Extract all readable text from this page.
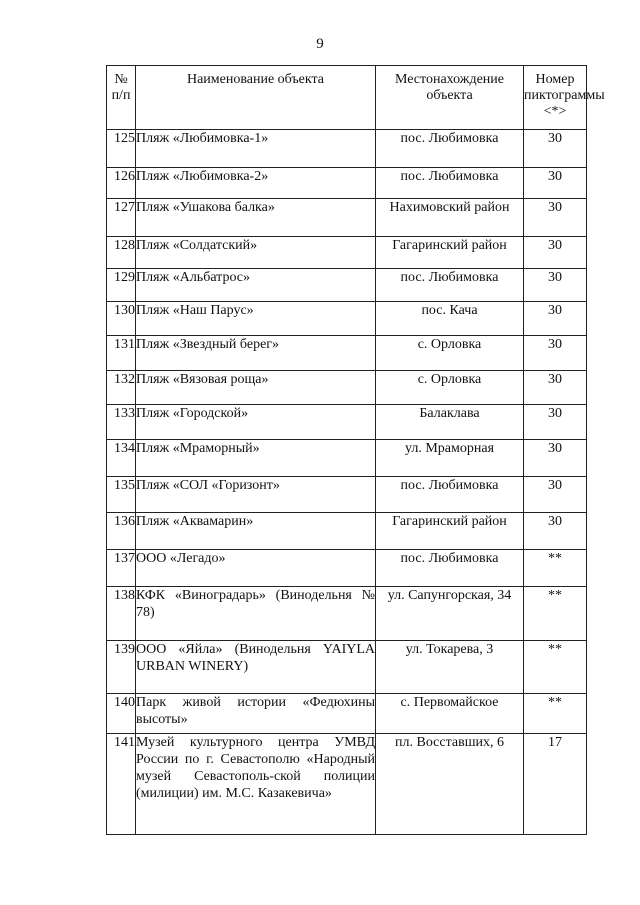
9
№ п/п	Наименование объекта	Местонахождение объекта	Номер пиктограммы <*>
125	Пляж «Любимовка-1»	пос. Любимовка	30
126	Пляж «Любимовка-2»	пос. Любимовка	30
127	Пляж «Ушакова балка»	Нахимовский район	30
128	Пляж «Солдатский»	Гагаринский район	30
129	Пляж «Альбатрос»	пос. Любимовка	30
130	Пляж «Наш Парус»	пос. Кача	30
131	Пляж «Звездный берег»	с. Орловка	30
132	Пляж «Вязовая роща»	с. Орловка	30
133	Пляж «Городской»	Балаклава	30
134	Пляж «Мраморный»	ул. Мраморная	30
135	Пляж «СОЛ «Горизонт»	пос. Любимовка	30
136	Пляж «Аквамарин»	Гагаринский район	30
137	ООО «Легадо»	пос. Любимовка	**
138	КФК «Виноградарь» (Винодельня № 78)	ул. Сапунгорская, 34	**
139	ООО «Яйла» (Винодельня YAIYLA URBAN WINERY)	ул. Токарева, 3	**
140	Парк живой истории «Федюхины высоты»	с. Первомайское	**
141	Музей культурного центра УМВД России по г. Севастополю «Народный музей Севастополь-ской полиции (милиции) им. М.С. Казакевича»	пл. Восставших, 6	17
